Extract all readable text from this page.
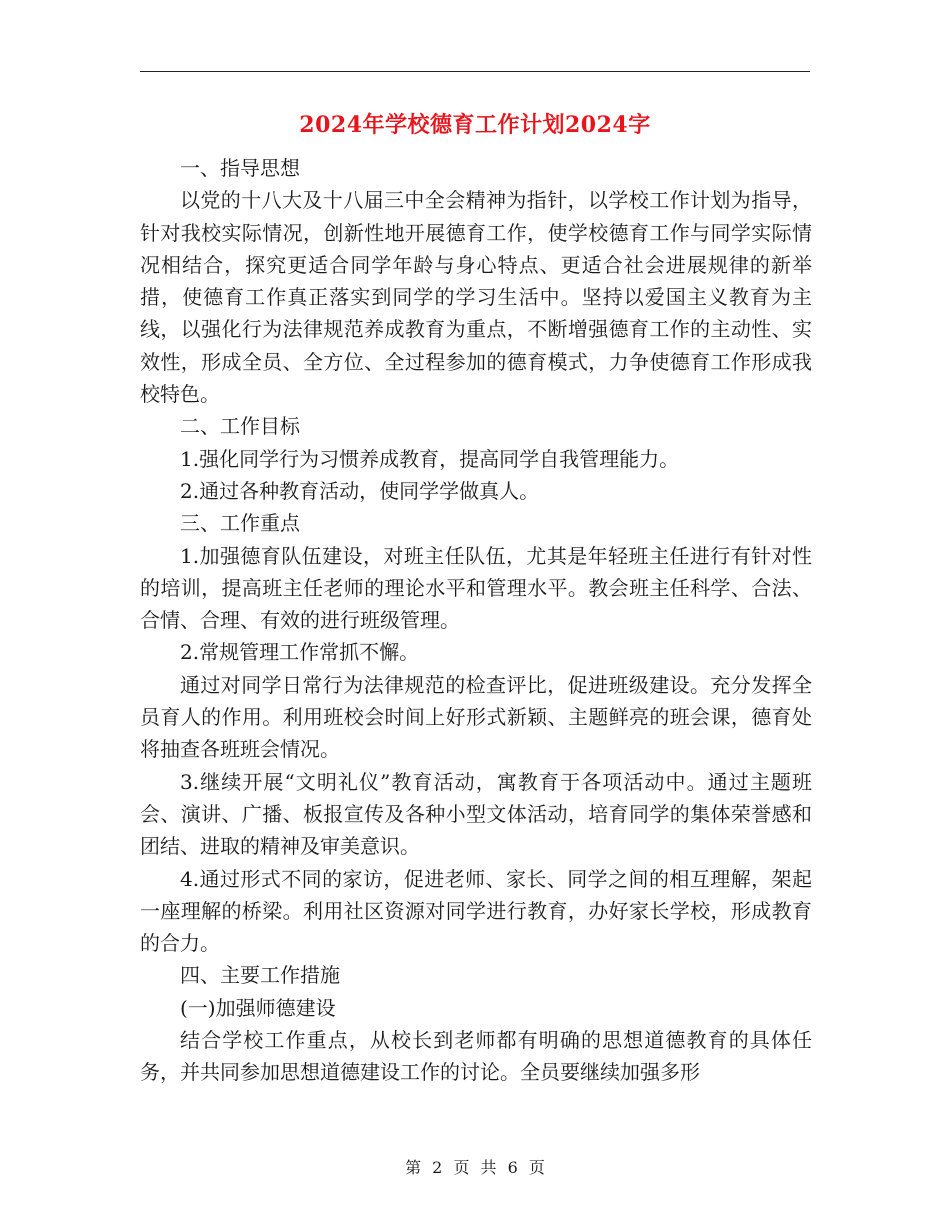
2024年学校德育工作计划2024字

一、指导思想

以党的十八大及十八届三中全会精神为指针，以学校工作计划为指导，针对我校实际情况，创新性地开展德育工作，使学校德育工作与同学实际情况相结合，探究更适合同学年龄与身心特点、更适合社会进展规律的新举措，使德育工作真正落实到同学的学习生活中。坚持以爱国主义教育为主线，以强化行为法律规范养成教育为重点，不断增强德育工作的主动性、实效性，形成全员、全方位、全过程参加的德育模式，力争使德育工作形成我校特色。

二、工作目标

1.强化同学行为习惯养成教育，提高同学自我管理能力。

2.通过各种教育活动，使同学学做真人。

三、工作重点

1.加强德育队伍建设，对班主任队伍，尤其是年轻班主任进行有针对性的培训，提高班主任老师的理论水平和管理水平。教会班主任科学、合法、合情、合理、有效的进行班级管理。

2.常规管理工作常抓不懈。

通过对同学日常行为法律规范的检查评比，促进班级建设。充分发挥全员育人的作用。利用班校会时间上好形式新颖、主题鲜亮的班会课，德育处将抽查各班班会情况。

3.继续开展“文明礼仪”教育活动，寓教育于各项活动中。通过主题班会、演讲、广播、板报宣传及各种小型文体活动，培育同学的集体荣誉感和团结、进取的精神及审美意识。

4.通过形式不同的家访，促进老师、家长、同学之间的相互理解，架起一座理解的桥梁。利用社区资源对同学进行教育，办好家长学校，形成教育的合力。

四、主要工作措施

(一)加强师德建设

结合学校工作重点，从校长到老师都有明确的思想道德教育的具体任务，并共同参加思想道德建设工作的讨论。全员要继续加强多形

第 2 页 共 6 页
